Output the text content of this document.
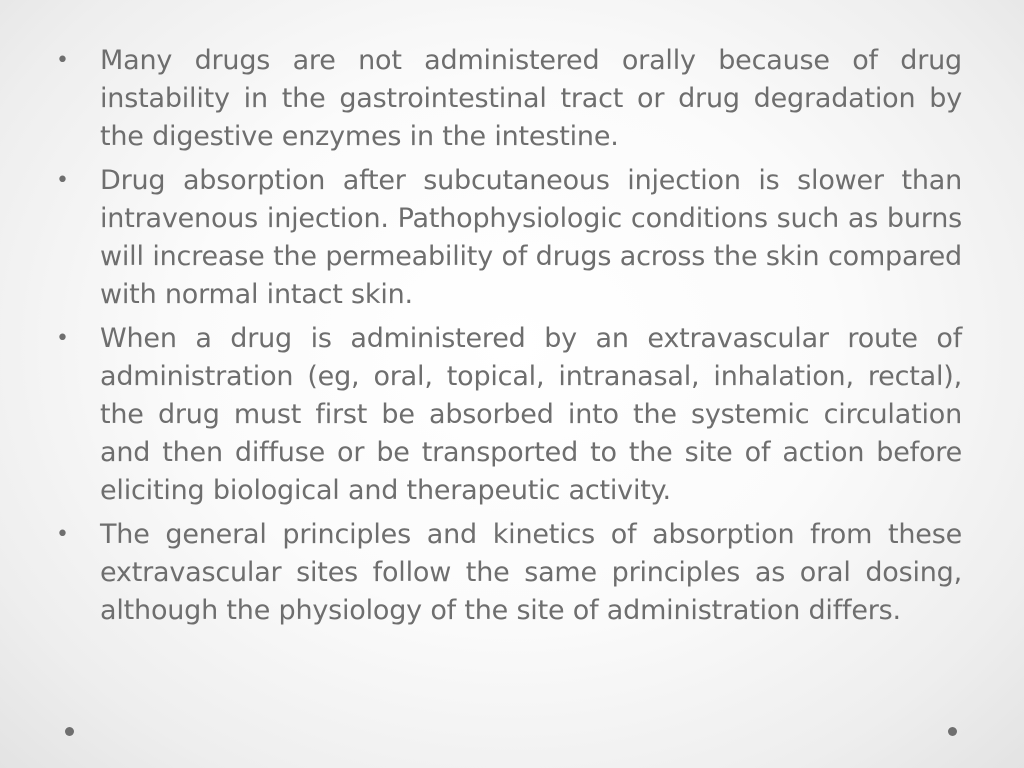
• Many drugs are not administered orally because of drug instability in the gastrointestinal tract or drug degradation by the digestive enzymes in the intestine.
• Drug absorption after subcutaneous injection is slower than intravenous injection. Pathophysiologic conditions such as burns will increase the permeability of drugs across the skin compared with normal intact skin.
• When a drug is administered by an extravascular route of administration (eg, oral, topical, intranasal, inhalation, rectal), the drug must first be absorbed into the systemic circulation and then diffuse or be transported to the site of action before eliciting biological and therapeutic activity.
• The general principles and kinetics of absorption from these extravascular sites follow the same principles as oral dosing, although the physiology of the site of administration differs.
